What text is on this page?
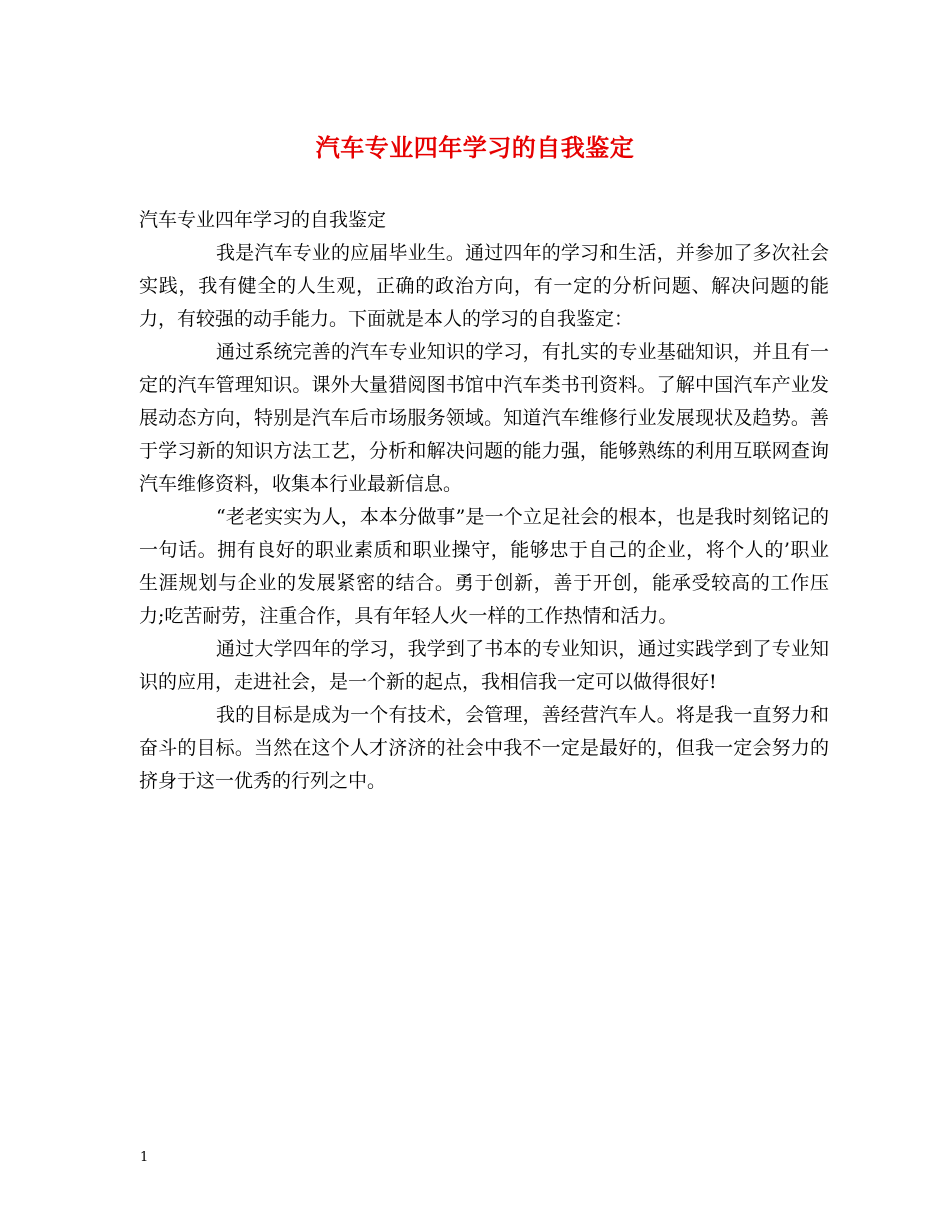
汽车专业四年学习的自我鉴定

汽车专业四年学习的自我鉴定

我是汽车专业的应届毕业生。通过四年的学习和生活，并参加了多次社会实践，我有健全的人生观，正确的政治方向，有一定的分析问题、解决问题的能力，有较强的动手能力。下面就是本人的学习的自我鉴定：

通过系统完善的汽车专业知识的学习，有扎实的专业基础知识，并且有一定的汽车管理知识。课外大量猎阅图书馆中汽车类书刊资料。了解中国汽车产业发展动态方向，特别是汽车后市场服务领域。知道汽车维修行业发展现状及趋势。善于学习新的知识方法工艺，分析和解决问题的能力强，能够熟练的利用互联网查询汽车维修资料，收集本行业最新信息。

“老老实实为人，本本分做事”是一个立足社会的根本，也是我时刻铭记的一句话。拥有良好的职业素质和职业操守，能够忠于自己的企业，将个人的’职业生涯规划与企业的发展紧密的结合。勇于创新，善于开创，能承受较高的工作压力;吃苦耐劳，注重合作，具有年轻人火一样的工作热情和活力。

通过大学四年的学习，我学到了书本的专业知识，通过实践学到了专业知识的应用，走进社会，是一个新的起点，我相信我一定可以做得很好!

我的目标是成为一个有技术，会管理，善经营汽车人。将是我一直努力和奋斗的目标。当然在这个人才济济的社会中我不一定是最好的，但我一定会努力的挤身于这一优秀的行列之中。

1
